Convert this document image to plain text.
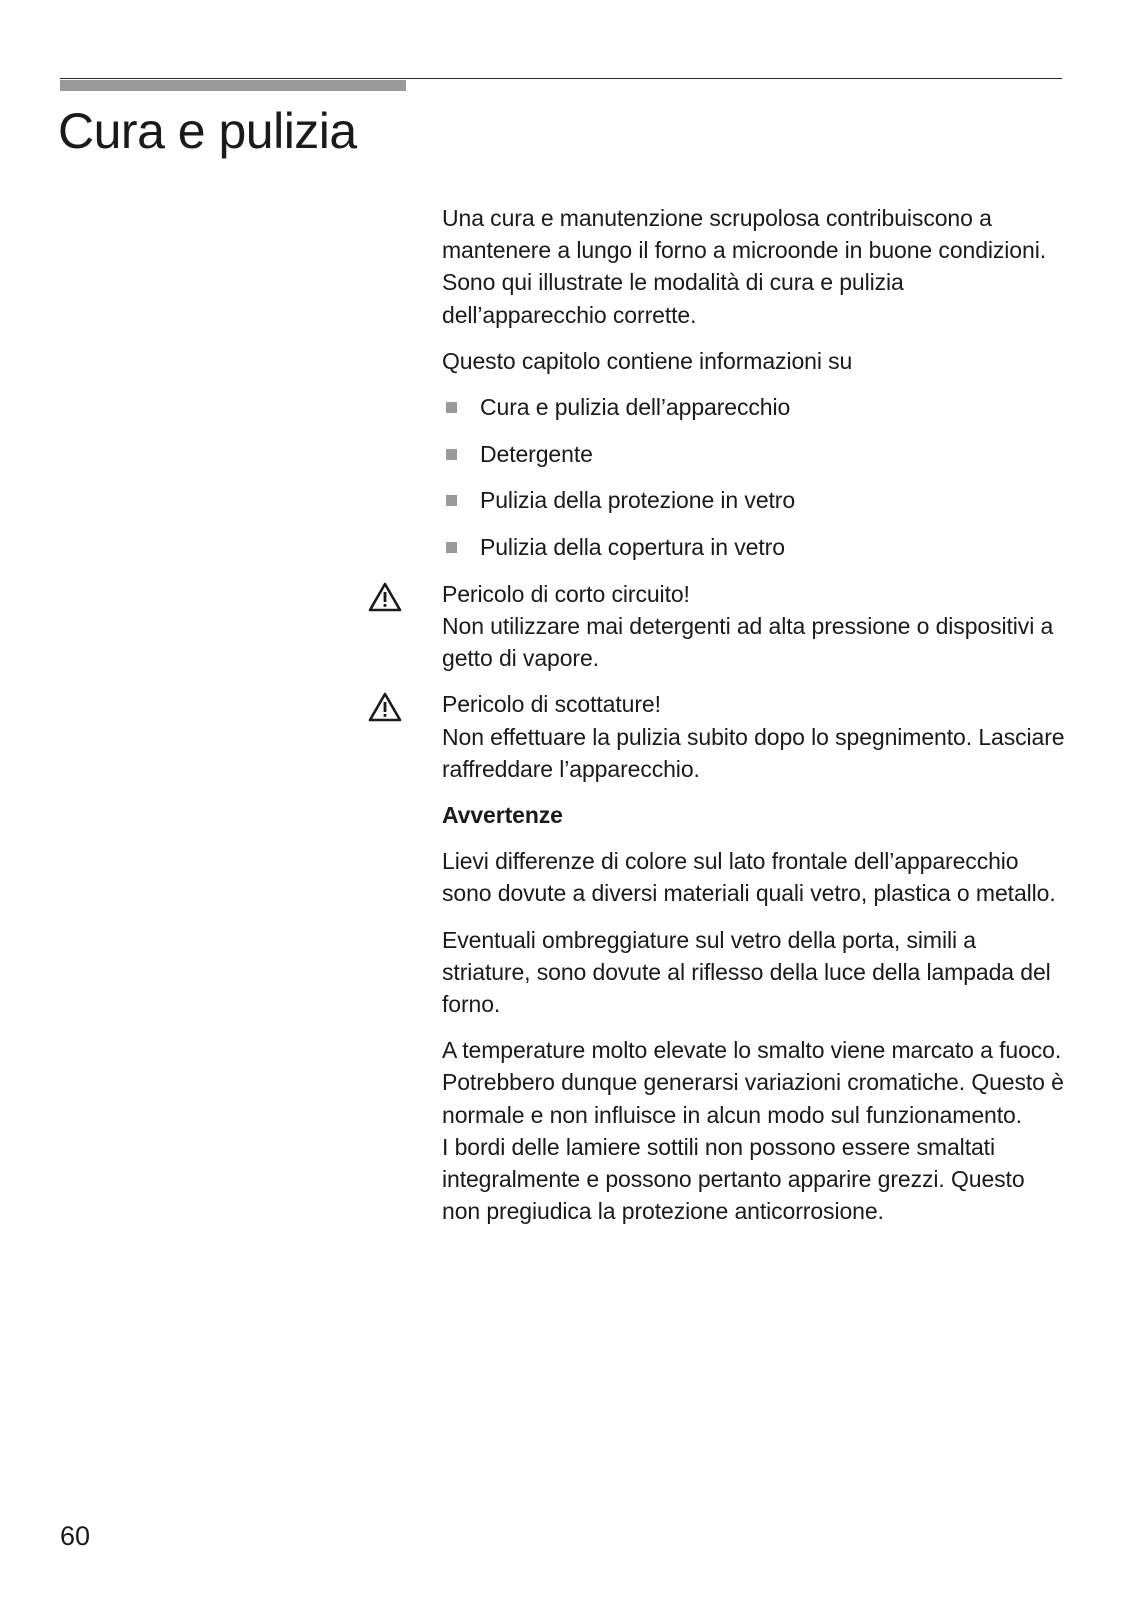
Cura e pulizia

Una cura e manutenzione scrupolosa contribuiscono a mantenere a lungo il forno a microonde in buone condizioni. Sono qui illustrate le modalità di cura e pulizia dell’apparecchio corrette.

Questo capitolo contiene informazioni su

Cura e pulizia dell’apparecchio
Detergente
Pulizia della protezione in vetro
Pulizia della copertura in vetro
Pericolo di corto circuito!
Non utilizzare mai detergenti ad alta pressione o dispositivi a getto di vapore.
Pericolo di scottature!
Non effettuare la pulizia subito dopo lo spegnimento. Lasciare raffreddare l’apparecchio.

Avvertenze

Lievi differenze di colore sul lato frontale dell’apparecchio sono dovute a diversi materiali quali vetro, plastica o metallo.

Eventuali ombreggiature sul vetro della porta, simili a striature, sono dovute al riflesso della luce della lampada del forno.

A temperature molto elevate lo smalto viene marcato a fuoco. Potrebbero dunque generarsi variazioni cromatiche. Questo è normale e non influisce in alcun modo sul funzionamento.
I bordi delle lamiere sottili non possono essere smaltati integralmente e possono pertanto apparire grezzi. Questo non pregiudica la protezione anticorrosione.
60
